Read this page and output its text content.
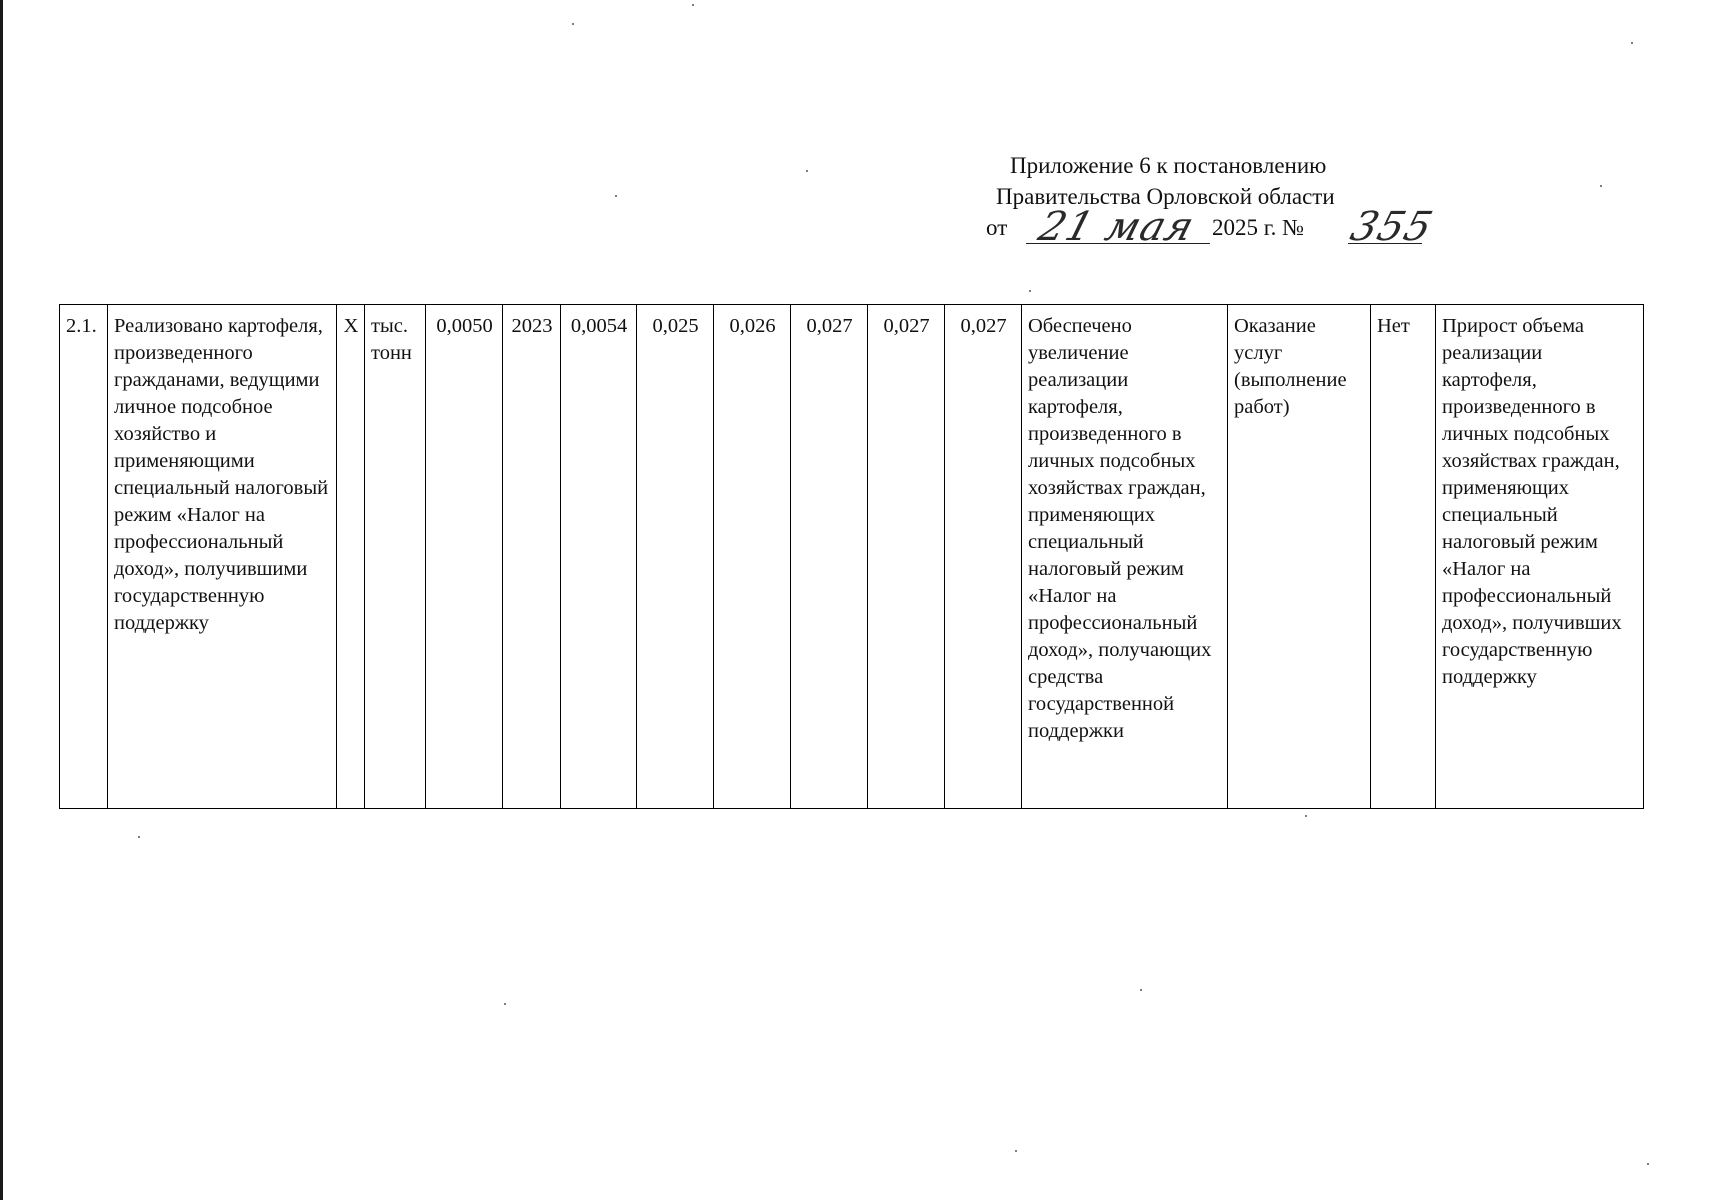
Приложение 6 к постановлению
Правительства Орловской области
от 21 мая 2025 г. № 355
2.1.	Реализовано картофеля, произведенного гражданами, ведущими личное подсобное хозяйство и применяющими специальный налоговый режим «Налог на профессиональный доход», получившими государственную поддержку	X	тыс. тонн	0,0050	2023	0,0054	0,025	0,026	0,027	0,027	0,027	Обеспечено увеличение реализации картофеля, произведенного в личных подсобных хозяйствах граждан, применяющих специальный налоговый режим «Налог на профессиональный доход», получающих средства государственной поддержки	Оказание услуг (выполнение работ)	Нет	Прирост объема реализации картофеля, произведенного в личных подсобных хозяйствах граждан, применяющих специальный налоговый режим «Налог на профессиональный доход», получивших государственную поддержку
